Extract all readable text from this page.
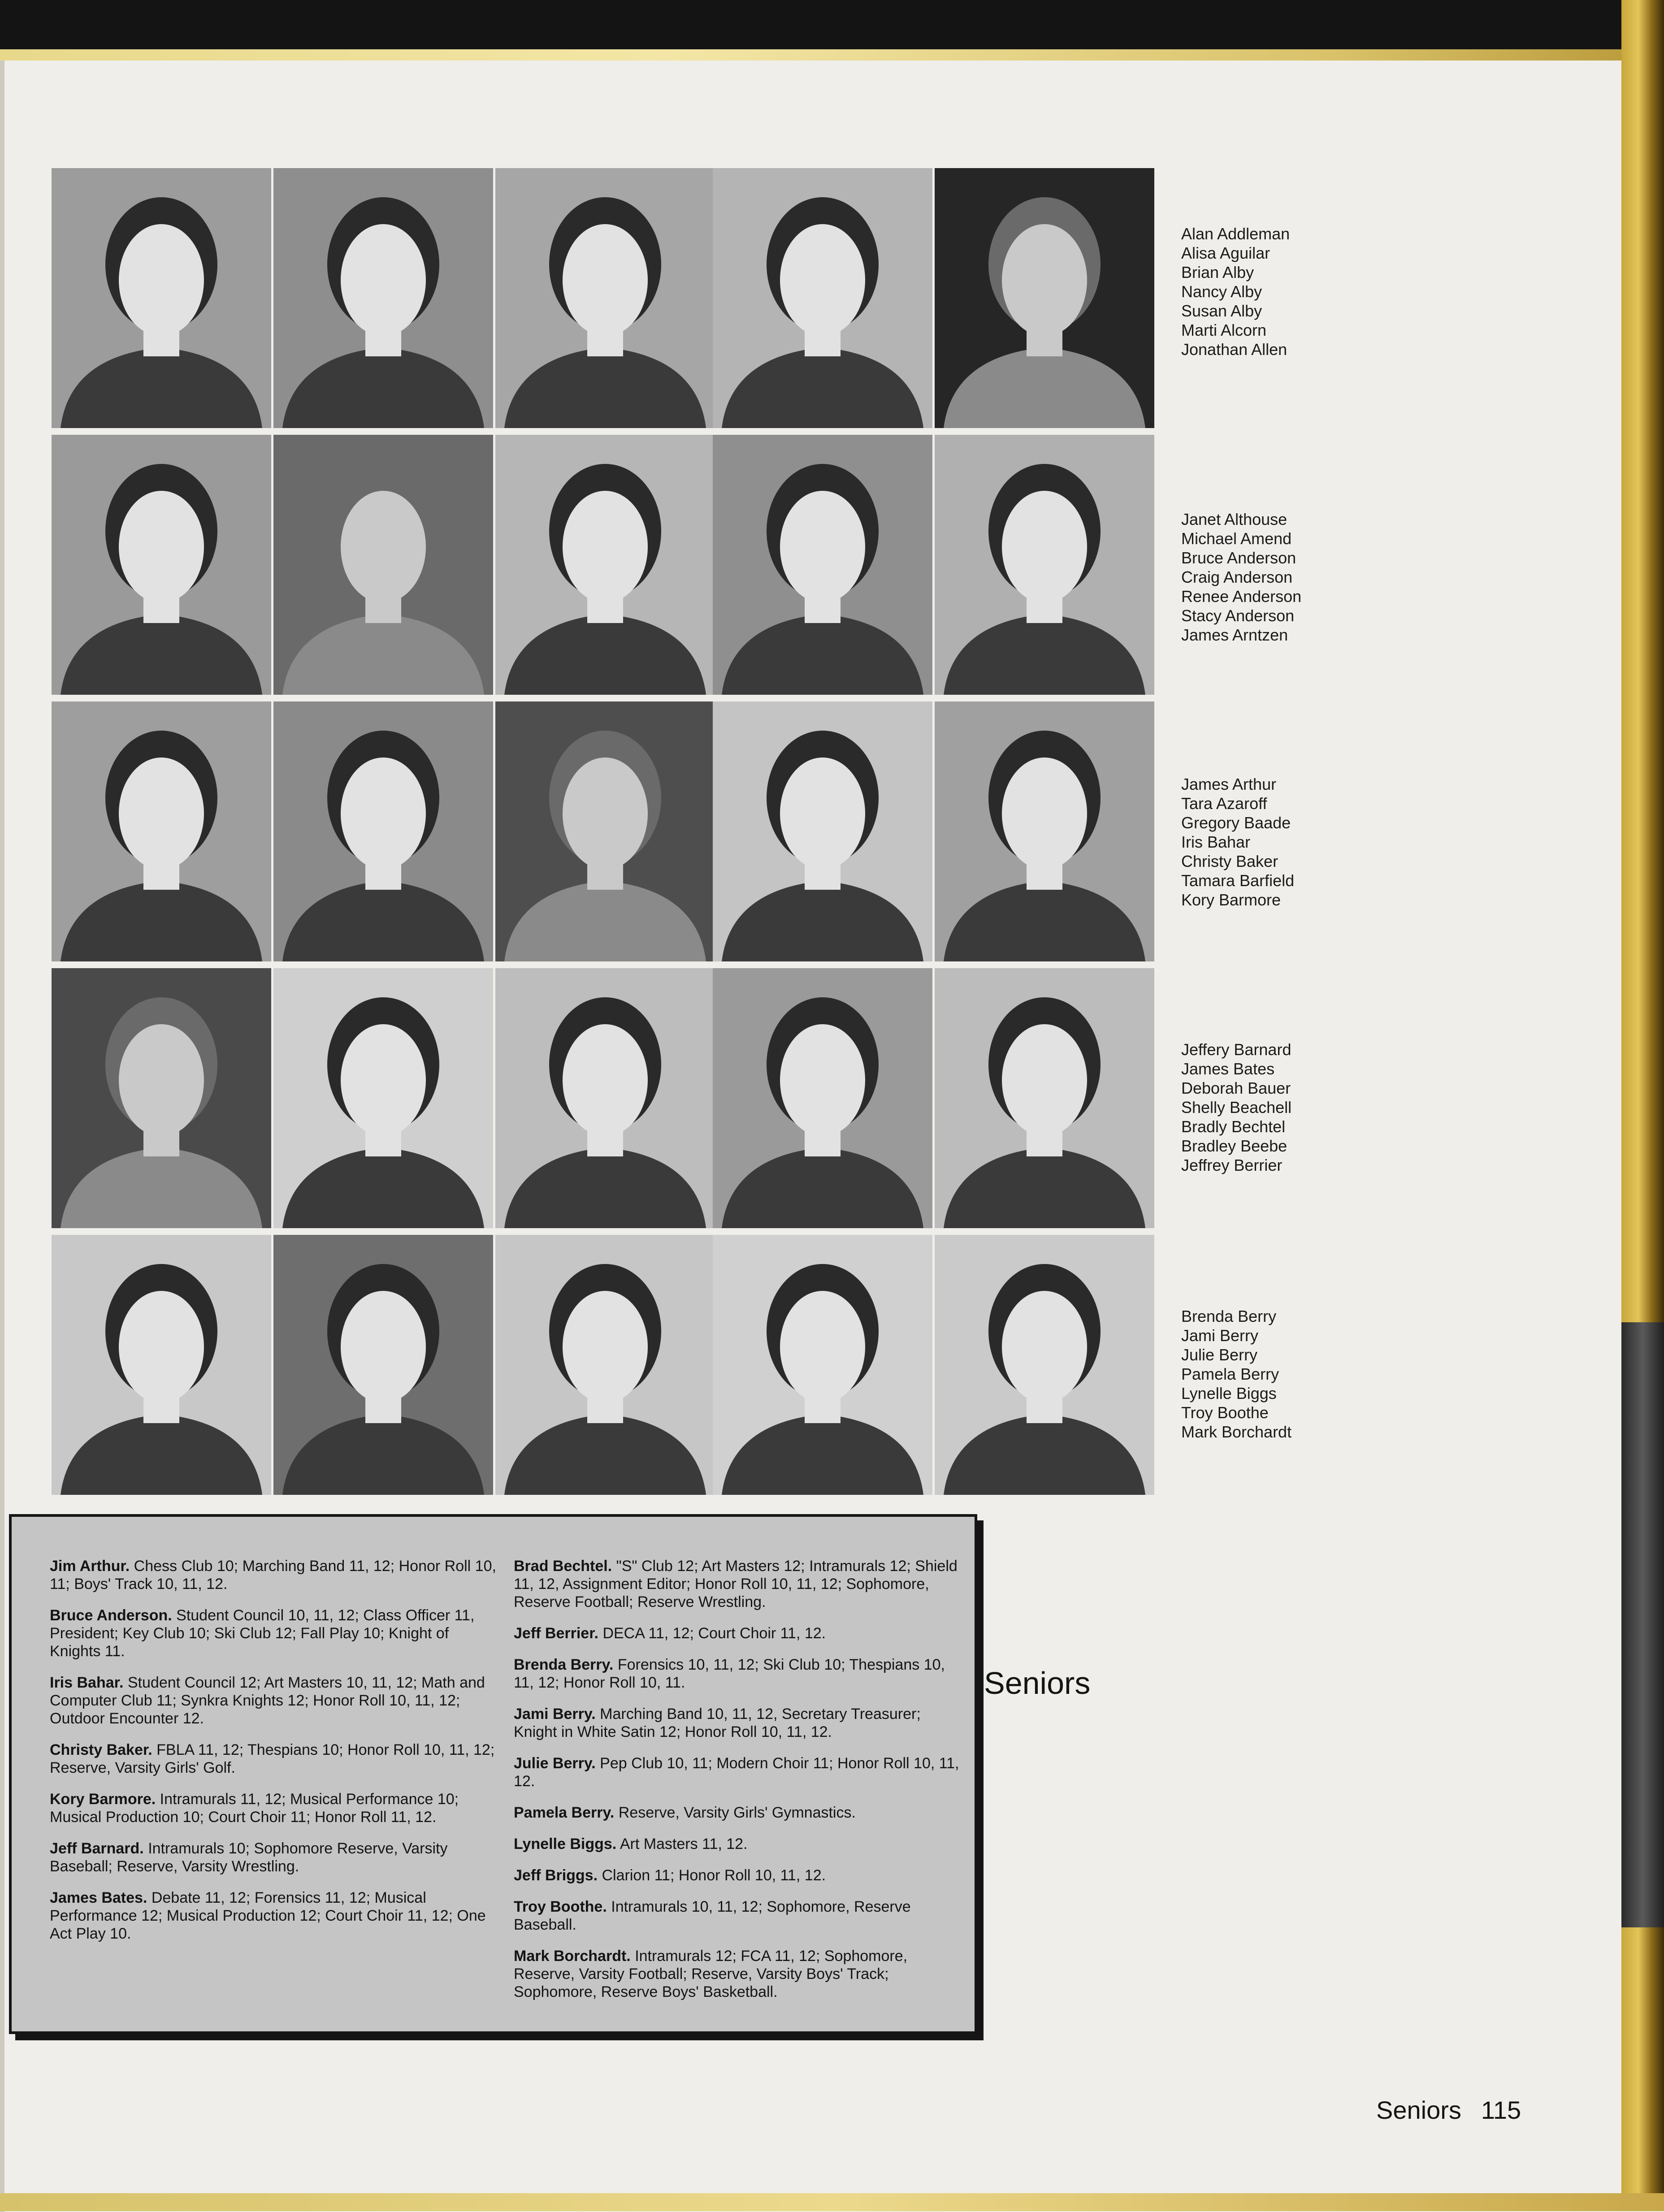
Alan Addleman
Alisa Aguilar
Brian Alby
Nancy Alby
Susan Alby
Marti Alcorn
Jonathan Allen
Janet Althouse
Michael Amend
Bruce Anderson
Craig Anderson
Renee Anderson
Stacy Anderson
James Arntzen
James Arthur
Tara Azaroff
Gregory Baade
Iris Bahar
Christy Baker
Tamara Barfield
Kory Barmore
Jeffery Barnard
James Bates
Deborah Bauer
Shelly Beachell
Bradly Bechtel
Bradley Beebe
Jeffrey Berrier
Brenda Berry
Jami Berry
Julie Berry
Pamela Berry
Lynelle Biggs
Troy Boothe
Mark Borchardt

Jim Arthur. Chess Club 10; Marching Band 11, 12; Honor Roll 10, 11; Boys' Track 10, 11, 12.

Bruce Anderson. Student Council 10, 11, 12; Class Officer 11, President; Key Club 10; Ski Club 12; Fall Play 10; Knight of Knights 11.

Iris Bahar. Student Council 12; Art Masters 10, 11, 12; Math and Computer Club 11; Synkra Knights 12; Honor Roll 10, 11, 12; Outdoor Encounter 12.

Christy Baker. FBLA 11, 12; Thespians 10; Honor Roll 10, 11, 12; Reserve, Varsity Girls' Golf.

Kory Barmore. Intramurals 11, 12; Musical Performance 10; Musical Production 10; Court Choir 11; Honor Roll 11, 12.

Jeff Barnard. Intramurals 10; Sophomore Reserve, Varsity Baseball; Reserve, Varsity Wrestling.

James Bates. Debate 11, 12; Forensics 11, 12; Musical Performance 12; Musical Production 12; Court Choir 11, 12; One Act Play 10.

Brad Bechtel. "S" Club 12; Art Masters 12; Intramurals 12; Shield 11, 12, Assignment Editor; Honor Roll 10, 11, 12; Sophomore, Reserve Football; Reserve Wrestling.

Jeff Berrier. DECA 11, 12; Court Choir 11, 12.

Brenda Berry. Forensics 10, 11, 12; Ski Club 10; Thespians 10, 11, 12; Honor Roll 10, 11.

Jami Berry. Marching Band 10, 11, 12, Secretary Treasurer; Knight in White Satin 12; Honor Roll 10, 11, 12.

Julie Berry. Pep Club 10, 11; Modern Choir 11; Honor Roll 10, 11, 12.

Pamela Berry. Reserve, Varsity Girls' Gymnastics.

Lynelle Biggs. Art Masters 11, 12.

Jeff Briggs. Clarion 11; Honor Roll 10, 11, 12.

Troy Boothe. Intramurals 10, 11, 12; Sophomore, Reserve Baseball.

Mark Borchardt. Intramurals 12; FCA 11, 12; Sophomore, Reserve, Varsity Football; Reserve, Varsity Boys' Track; Sophomore, Reserve Boys' Basketball.

Seniors
Seniors 115
